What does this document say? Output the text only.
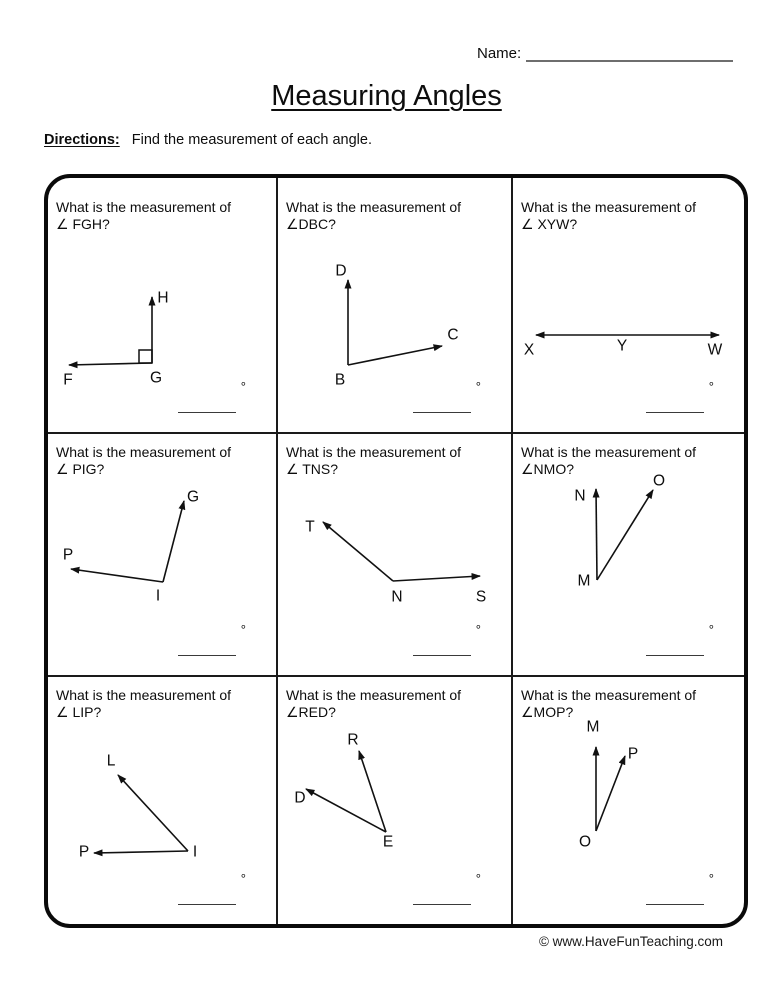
Name:
Measuring Angles
Directions: Find the measurement of each angle.
What is the measurement of
∠ FGH?
°
What is the measurement of
∠DBC?
°
What is the measurement of
∠ XYW?
°
What is the measurement of
∠ PIG?
°
What is the measurement of
∠ TNS?
°
What is the measurement of
∠NMO?
°
What is the measurement of
∠ LIP?
°
What is the measurement of
∠RED?
°
What is the measurement of
∠MOP?
°
H
F	G
D
C
B
X	Y	W
G
P
I
T
N	S
N
O
M
L
P	I
R
D
E
M
P
O
© www.HaveFunTeaching.com
